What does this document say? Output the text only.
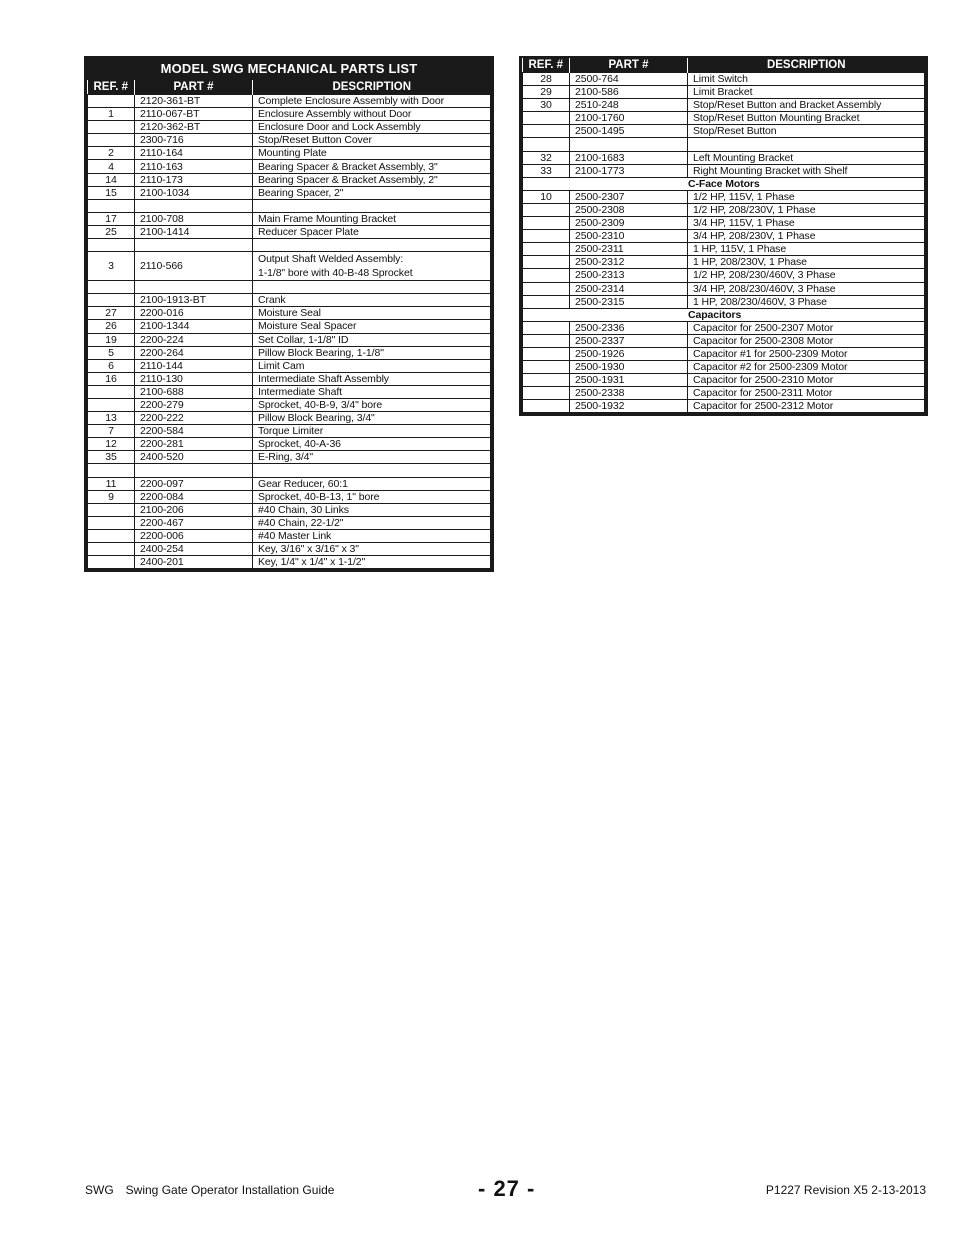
MODEL SWG MECHANICAL PARTS LIST
REF. #	PART #	DESCRIPTION
	2120-361-BT	Complete Enclosure Assembly with Door
1	2110-067-BT	Enclosure Assembly without Door
	2120-362-BT	Enclosure Door and Lock Assembly
	2300-716	Stop/Reset Button Cover
2	2110-164	Mounting Plate
4	2110-163	Bearing Spacer & Bracket Assembly, 3"
14	2110-173	Bearing Spacer & Bracket Assembly, 2"
15	2100-1034	Bearing Spacer, 2"

17	2100-708	Main Frame Mounting Bracket
25	2100-1414	Reducer Spacer Plate

3	2110-566	Output Shaft Welded Assembly:
1-1/8" bore with 40-B-48 Sprocket

	2100-1913-BT	Crank
27	2200-016	Moisture Seal
26	2100-1344	Moisture Seal Spacer
19	2200-224	Set Collar, 1-1/8" ID
5	2200-264	Pillow Block Bearing, 1-1/8"
6	2110-144	Limit Cam
16	2110-130	Intermediate Shaft Assembly
	2100-688	Intermediate Shaft
	2200-279	Sprocket, 40-B-9, 3/4" bore
13	2200-222	Pillow Block Bearing, 3/4"
7	2200-584	Torque Limiter
12	2200-281	Sprocket, 40-A-36
35	2400-520	E-Ring, 3/4"

11	2200-097	Gear Reducer, 60:1
9	2200-084	Sprocket, 40-B-13, 1" bore
	2100-206	#40 Chain, 30 Links
	2200-467	#40 Chain, 22-1/2"
	2200-006	#40 Master Link
	2400-254	Key, 3/16" x 3/16" x 3"
	2400-201	Key, 1/4" x 1/4" x 1-1/2"
REF. #	PART #	DESCRIPTION
28	2500-764	Limit Switch
29	2100-586	Limit Bracket
30	2510-248	Stop/Reset Button and Bracket Assembly
	2100-1760	Stop/Reset Button Mounting Bracket
	2500-1495	Stop/Reset Button

32	2100-1683	Left Mounting Bracket
33	2100-1773	Right Mounting Bracket with Shelf
C-Face Motors		
10	2500-2307	1/2 HP, 115V, 1 Phase
	2500-2308	1/2 HP, 208/230V, 1 Phase
	2500-2309	3/4 HP, 115V, 1 Phase
	2500-2310	3/4 HP, 208/230V, 1 Phase
	2500-2311	1 HP, 115V, 1 Phase
	2500-2312	1 HP, 208/230V, 1 Phase
	2500-2313	1/2 HP, 208/230/460V, 3 Phase
	2500-2314	3/4 HP, 208/230/460V, 3 Phase
	2500-2315	1 HP, 208/230/460V, 3 Phase
Capacitors		
	2500-2336	Capacitor for 2500-2307 Motor
	2500-2337	Capacitor for 2500-2308 Motor
	2500-1926	Capacitor #1 for 2500-2309 Motor
	2500-1930	Capacitor #2 for 2500-2309 Motor
	2500-1931	Capacitor for 2500-2310 Motor
	2500-2338	Capacitor for 2500-2311 Motor
	2500-1932	Capacitor for 2500-2312 Motor
SWG Swing Gate Operator Installation Guide	- 27 -	P1227 Revision X5 2-13-2013
